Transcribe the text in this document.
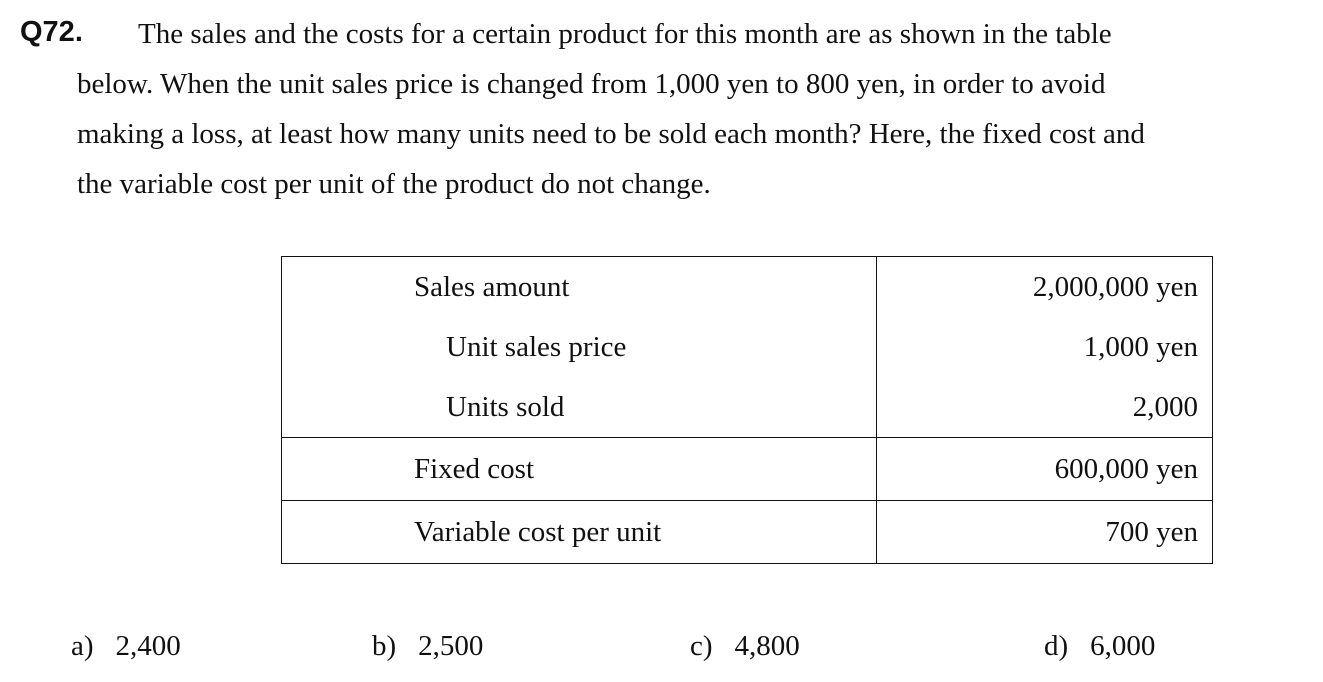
Q72. The sales and the costs for a certain product for this month are as shown in the table
below. When the unit sales price is changed from 1,000 yen to 800 yen, in order to avoid
making a loss, at least how many units need to be sold each month? Here, the fixed cost and
the variable cost per unit of the product do not change.
Sales amount	2,000,000 yen
Unit sales price	1,000 yen
Units sold	2,000
Fixed cost	600,000 yen
Variable cost per unit	700 yen
a) 2,400	b) 2,500	c) 4,800	d) 6,000
